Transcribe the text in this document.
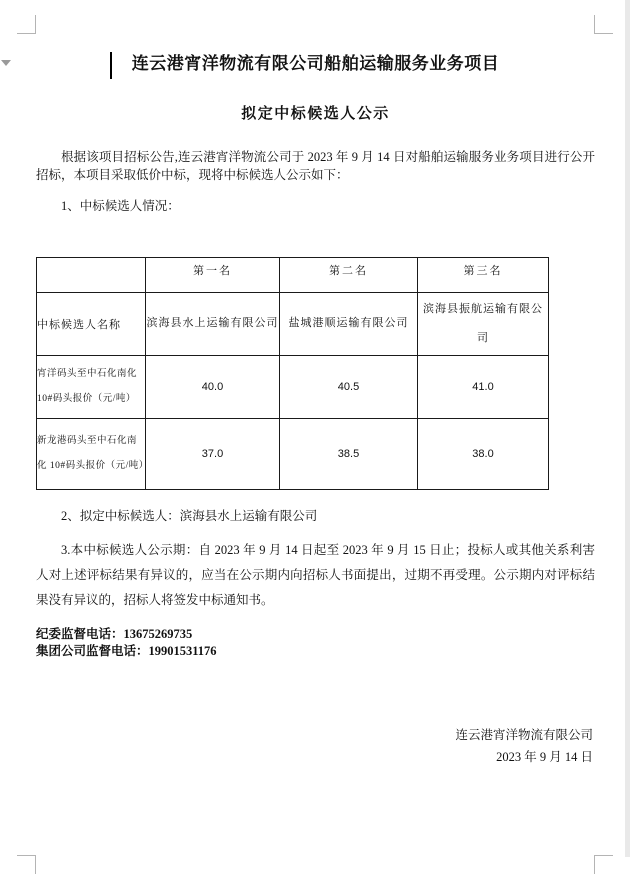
连云港宵洋物流有限公司船舶运输服务业务项目
拟定中标候选人公示

根据该项目招标公告,连云港宵洋物流公司于 2023 年 9 月 14 日对船舶运输服务业务项目进行公开招标，本项目采取低价中标，现将中标候选人公示如下：

1、中标候选人情况：

	第一名	第二名	第三名
中标候选人名称	滨海县水上运输有限公司	盐城港顺运输有限公司	滨海县振航运输有限公司
宵洋码头至中石化南化 10#码头报价（元/吨）	40.0	40.5	41.0
新龙港码头至中石化南化 10#码头报价（元/吨）	37.0	38.5	38.0

2、拟定中标候选人：滨海县水上运输有限公司

3.本中标候选人公示期：自 2023 年 9 月 14 日起至 2023 年 9 月 15 日止；投标人或其他关系利害人对上述评标结果有异议的，应当在公示期内向招标人书面提出，过期不再受理。公示期内对评标结果没有异议的，招标人将签发中标通知书。

纪委监督电话：13675269735
集团公司监督电话：19901531176
连云港宵洋物流有限公司
2023 年 9 月 14 日
